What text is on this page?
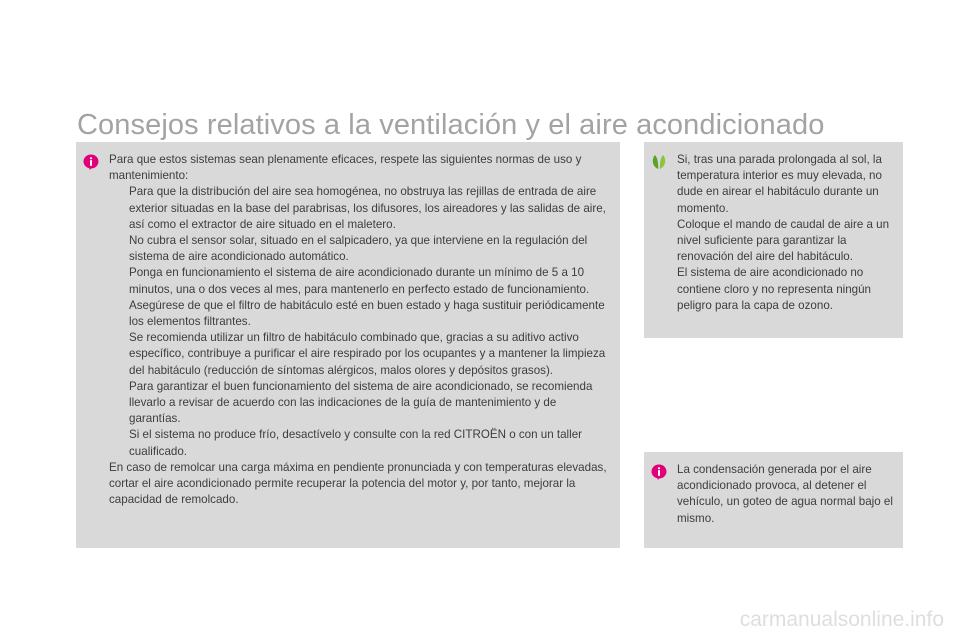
Consejos relativos a la ventilación y el aire acondicionado

Para que estos sistemas sean plenamente eficaces, respete las siguientes normas de uso y mantenimiento:

Para que la distribución del aire sea homogénea, no obstruya las rejillas de entrada de aire exterior situadas en la base del parabrisas, los difusores, los aireadores y las salidas de aire, así como el extractor de aire situado en el maletero.

No cubra el sensor solar, situado en el salpicadero, ya que interviene en la regulación del sistema de aire acondicionado automático.

Ponga en funcionamiento el sistema de aire acondicionado durante un mínimo de 5 a 10 minutos, una o dos veces al mes, para mantenerlo en perfecto estado de funcionamiento.

Asegúrese de que el filtro de habitáculo esté en buen estado y haga sustituir periódicamente los elementos filtrantes.

Se recomienda utilizar un filtro de habitáculo combinado que, gracias a su aditivo activo específico, contribuye a purificar el aire respirado por los ocupantes y a mantener la limpieza del habitáculo (reducción de síntomas alérgicos, malos olores y depósitos grasos).

Para garantizar el buen funcionamiento del sistema de aire acondicionado, se recomienda llevarlo a revisar de acuerdo con las indicaciones de la guía de mantenimiento y de garantías.

Si el sistema no produce frío, desactívelo y consulte con la red CITROËN o con un taller cualificado.

En caso de remolcar una carga máxima en pendiente pronunciada y con temperaturas elevadas, cortar el aire acondicionado permite recuperar la potencia del motor y, por tanto, mejorar la capacidad de remolcado.

Si, tras una parada prolongada al sol, la temperatura interior es muy elevada, no dude en airear el habitáculo durante un momento.

Coloque el mando de caudal de aire a un nivel suficiente para garantizar la renovación del aire del habitáculo.

El sistema de aire acondicionado no contiene cloro y no representa ningún peligro para la capa de ozono.

La condensación generada por el aire acondicionado provoca, al detener el vehículo, un goteo de agua normal bajo el mismo.

carmanualsonline.info
